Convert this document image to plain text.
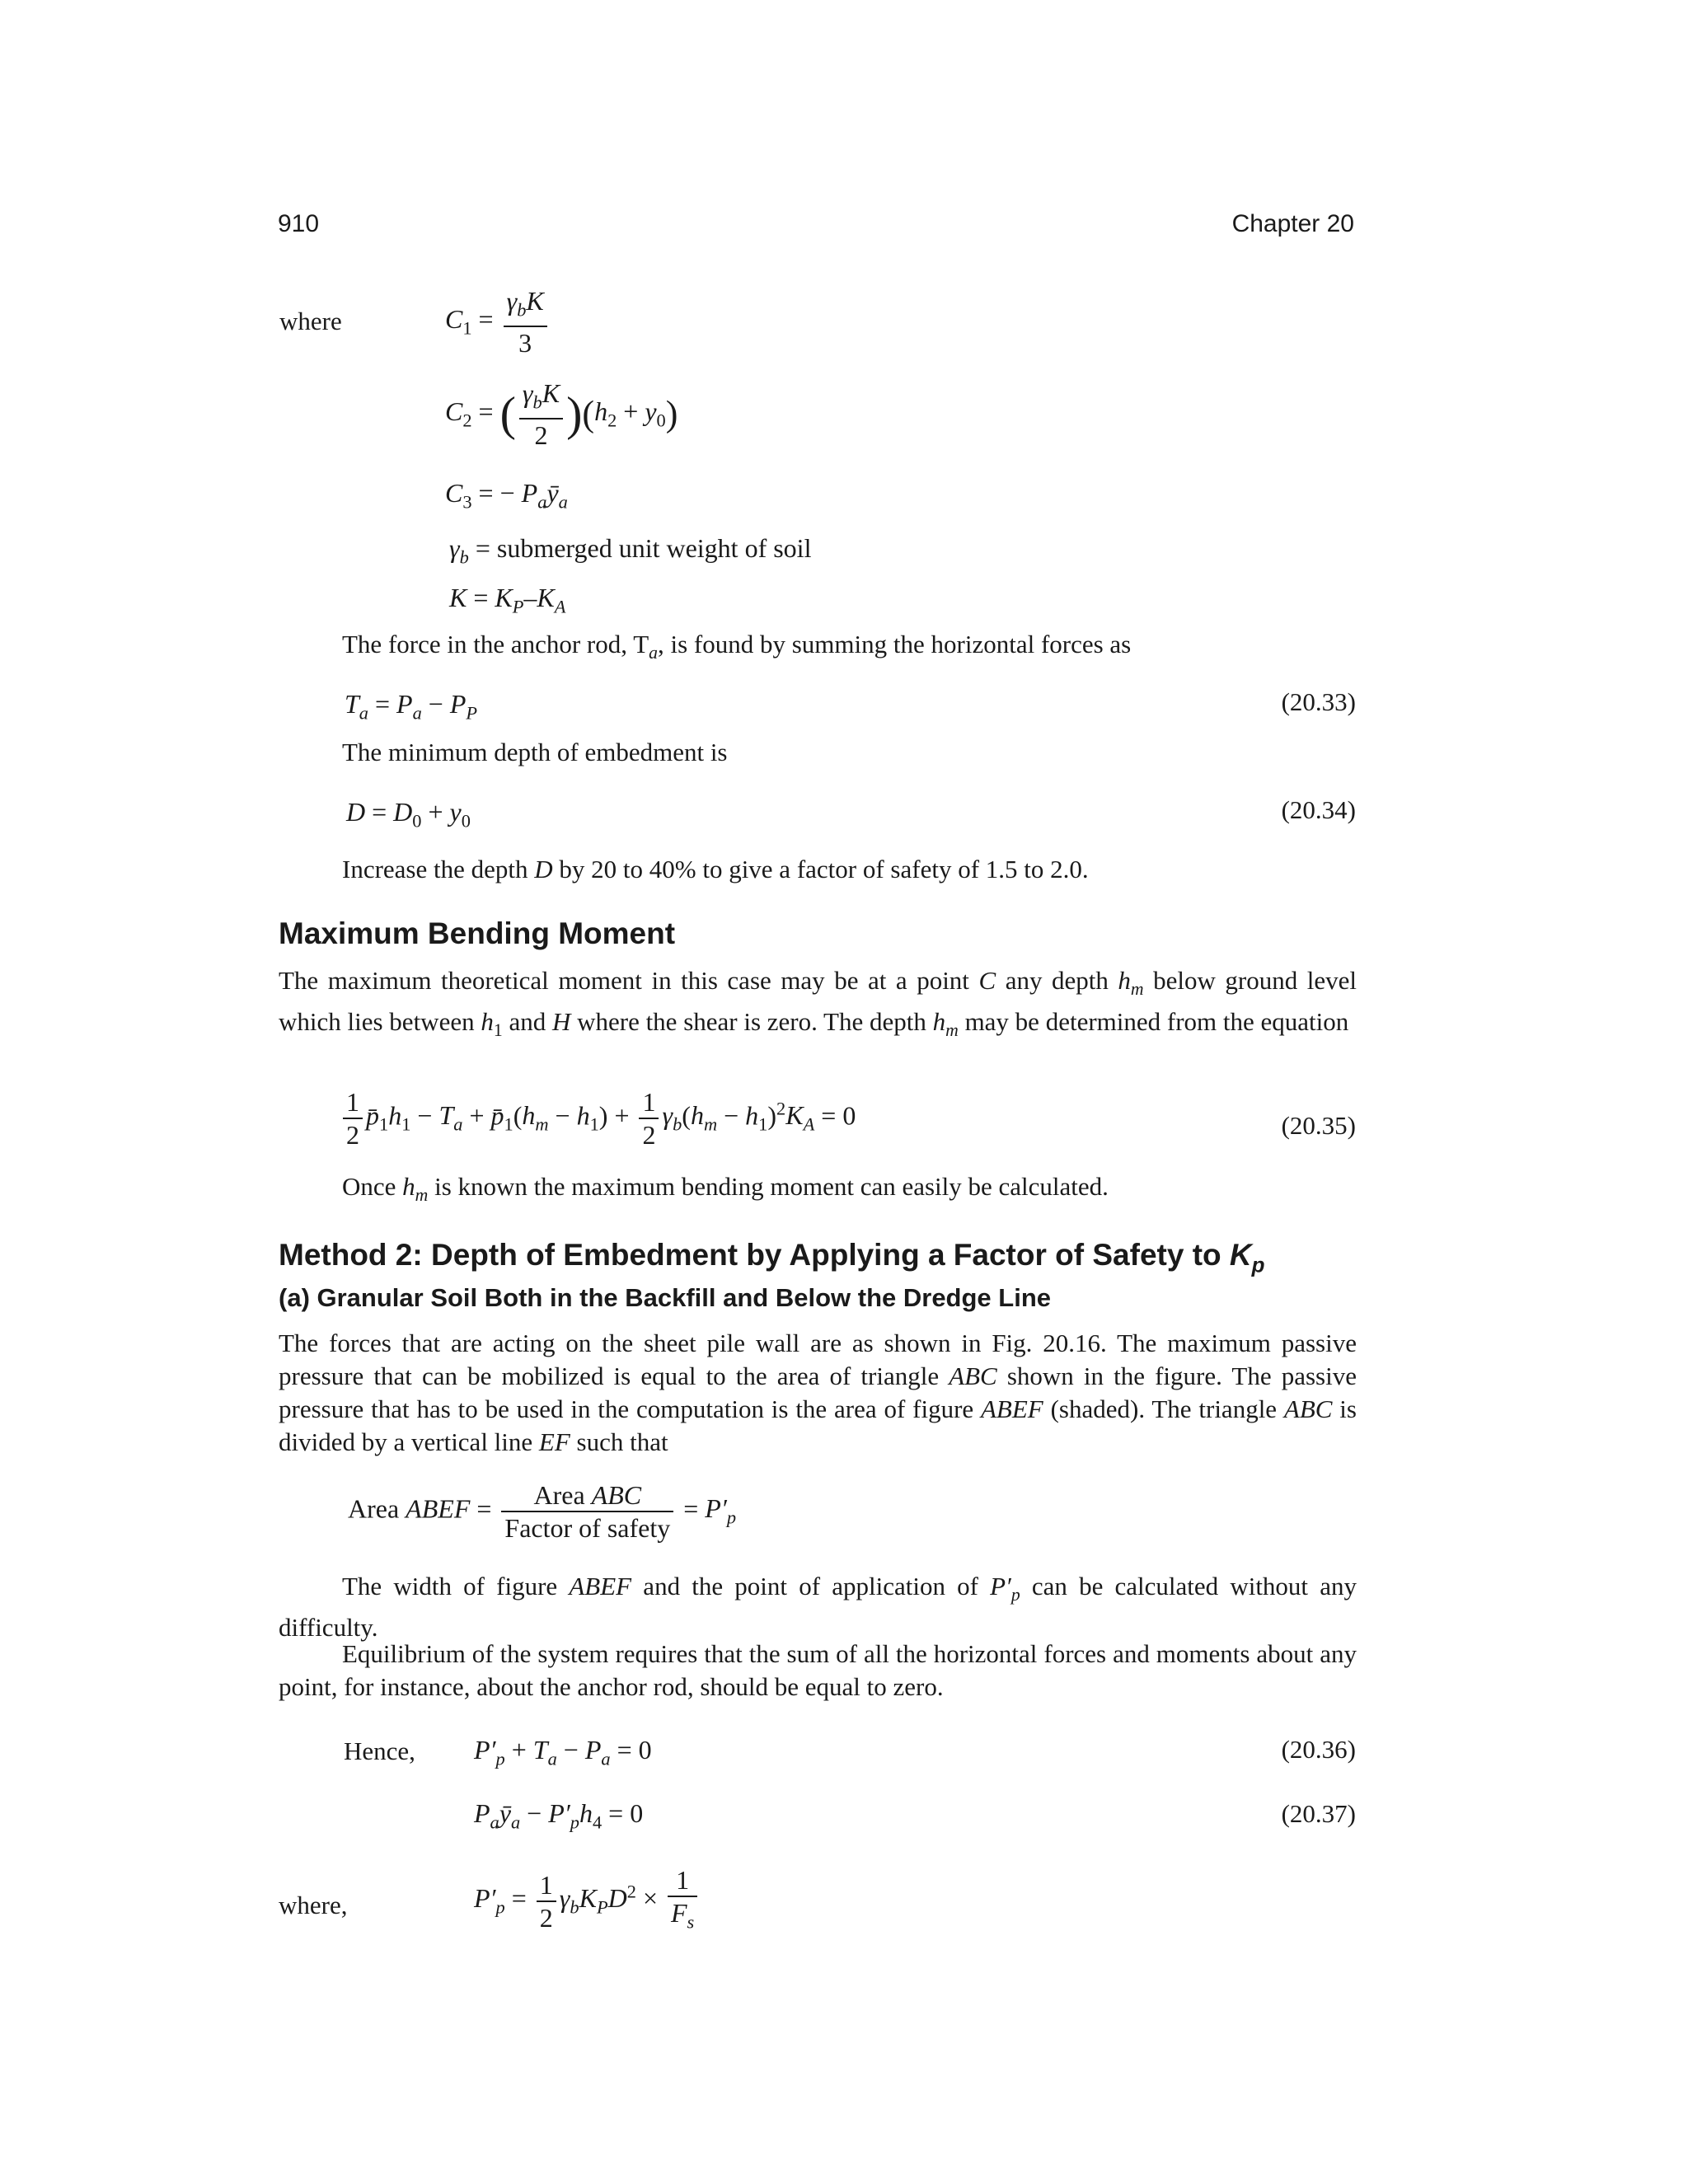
910	Chapter 20
where	$C_1 = \frac{\gamma_bK}{3}$
$C_2$ = ( $\frac{\gamma_bK}{2} )(h_2 + y_0)$
$C_3$ = − $P_aȳ_a$
$\gamma_b$ = submerged unit weight of soil
$K = K_P-K_A$
The force in the anchor rod, $T_a$, is found by summing the horizontal forces as
$T_a = P_a - P_P$	(20.33)
The minimum depth of embedment is
$D = D_0 + y_0$	(20.34)
Increase the depth D by 20 to 40% to give a factor of safety of 1.5 to 2.0.
Maximum Bending Moment
The maximum theoretical moment in this case may be at a point C any depth $h_m$ below ground level which lies between $h_1$ and H where the shear is zero. The depth $h_m$ may be determined from the equation
$\frac{1}{2}$ $p̄_1h_1 - T_a$ + $p̄_1(h_m - h_1) + \frac{1}{2} \gamma_b(h_m - h_1)^2K_A = 0$	(20.35)
Once $h_m$ is known the maximum bending moment can easily be calculated.
Method 2: Depth of Embedment by Applying a Factor of Safety to $K_p$
(a) Granular Soil Both in the Backfill and Below the Dredge Line
The forces that are acting on the sheet pile wall are as shown in Fig. 20.16. The maximum passive pressure that can be mobilized is equal to the area of triangle ABC shown in the figure. The passive pressure that has to be used in the computation is the area of figure ABEF (shaded). The triangle ABC is divided by a vertical line EF such that
Area ABEF = $\frac{\text{Area ABC}}{\text{Factor of safety}} = P'_p$
The width of figure ABEF and the point of application of $P'_p$ can be calculated without any difficulty.
Equilibrium of the system requires that the sum of all the horizontal forces and moments about any point, for instance, about the anchor rod, should be equal to zero.
Hence, $P'_p + T_a - P_a = 0$	(20.36)
$P_aȳ_a - P'_ph_4 = 0$	(20.37)
where,	$P'_p = \frac{1}{2} \gamma_bK_PD^2 \times \frac{1}{F_s}$
